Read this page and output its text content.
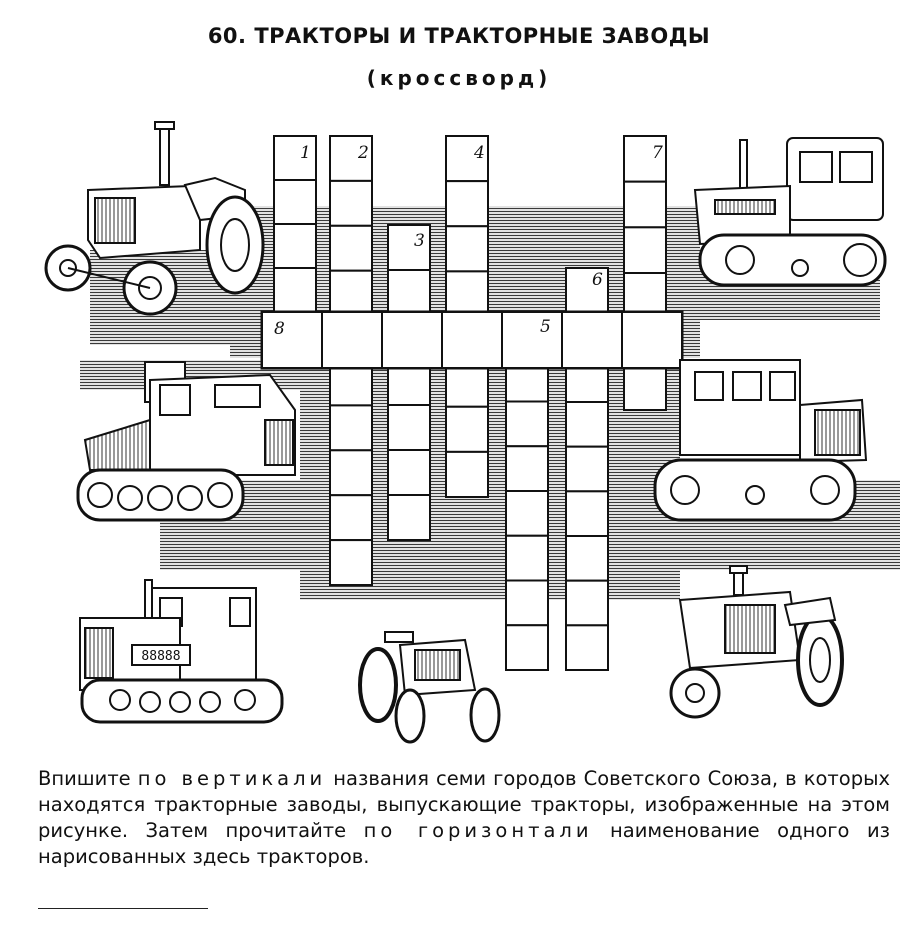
60. ТРАКТОРЫ И ТРАКТОРНЫЕ ЗАВОДЫ
(кроссворд)
1	2
3
4
5
6
7
8
88888
Впишите по вертикали названия семи городов Советского Союза, в которых находятся тракторные заводы, выпускающие тракторы, изображенные на этом рисунке. Затем прочитайте по горизонтали наименование одного из нарисованных здесь тракторов.
